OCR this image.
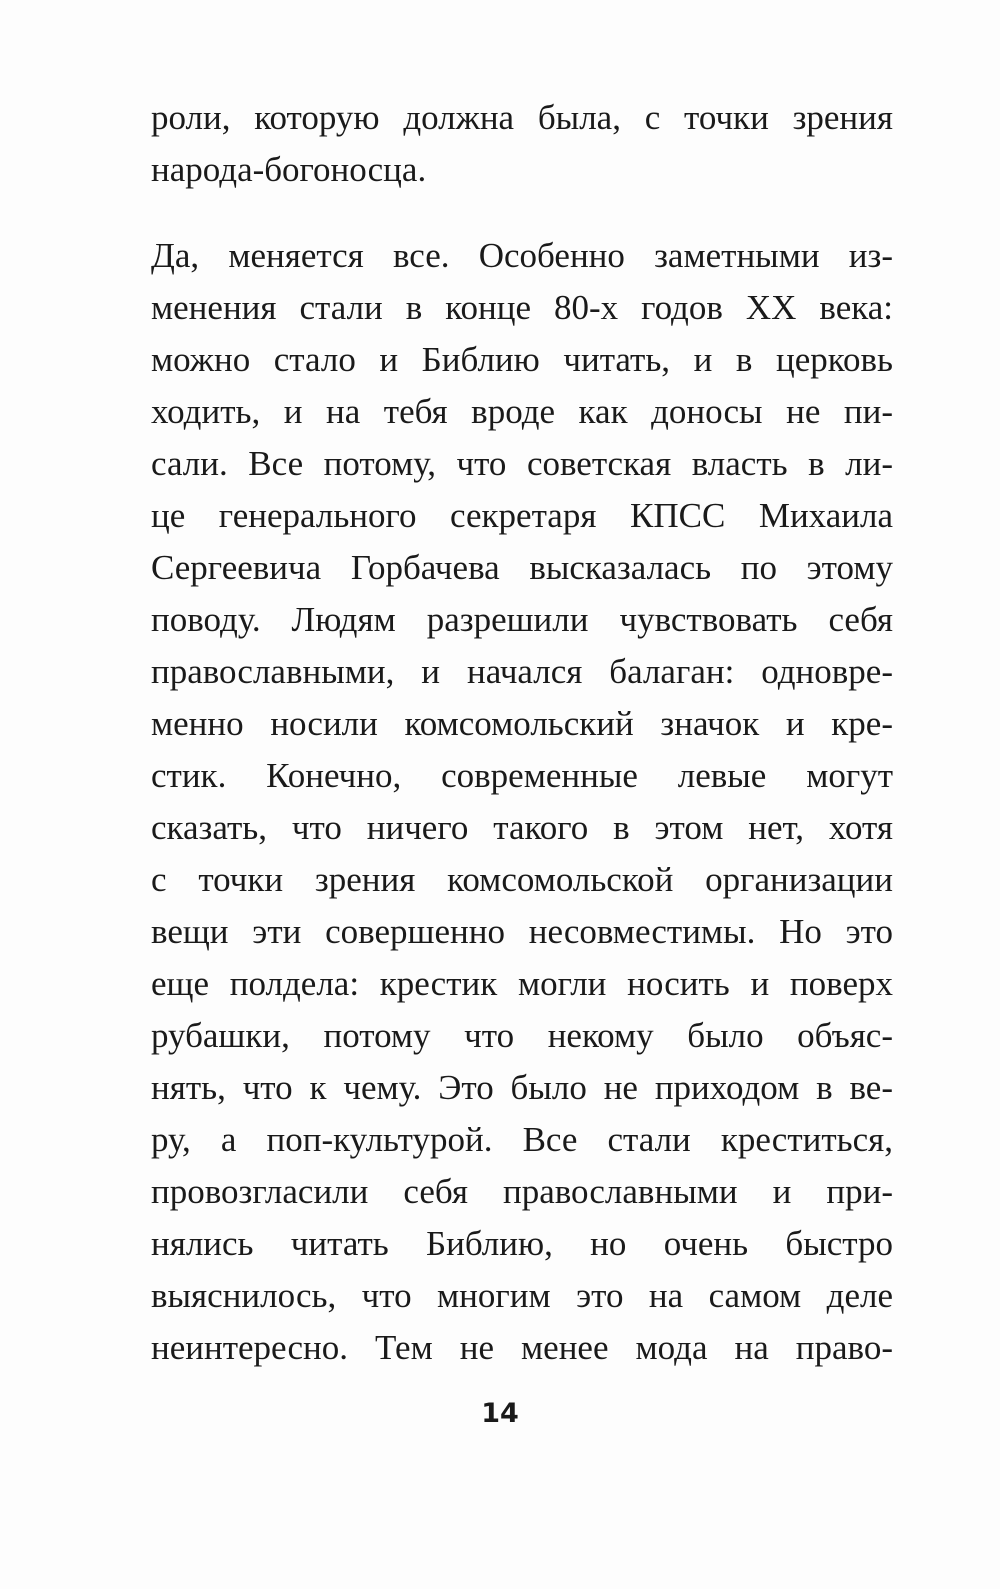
роли, которую должна была, с точки зрения
народа-богоносца.
Да, меняется все. Особенно заметными из-
менения стали в конце 80-х годов XX века:
можно стало и Библию читать, и в церковь
ходить, и на тебя вроде как доносы не пи-
сали. Все потому, что советская власть в ли-
це генерального секретаря КПСС Михаила
Сергеевича Горбачева высказалась по этому
поводу. Людям разрешили чувствовать себя
православными, и начался балаган: одновре-
менно носили комсомольский значок и кре-
стик. Конечно, современные левые могут
сказать, что ничего такого в этом нет, хотя
с точки зрения комсомольской организации
вещи эти совершенно несовместимы. Но это
еще полдела: крестик могли носить и поверх
рубашки, потому что некому было объяс-
нять, что к чему. Это было не приходом в ве-
ру, а поп-культурой. Все стали креститься,
провозгласили себя православными и при-
нялись читать Библию, но очень быстро
выяснилось, что многим это на самом деле
неинтересно. Тем не менее мода на право-
14
